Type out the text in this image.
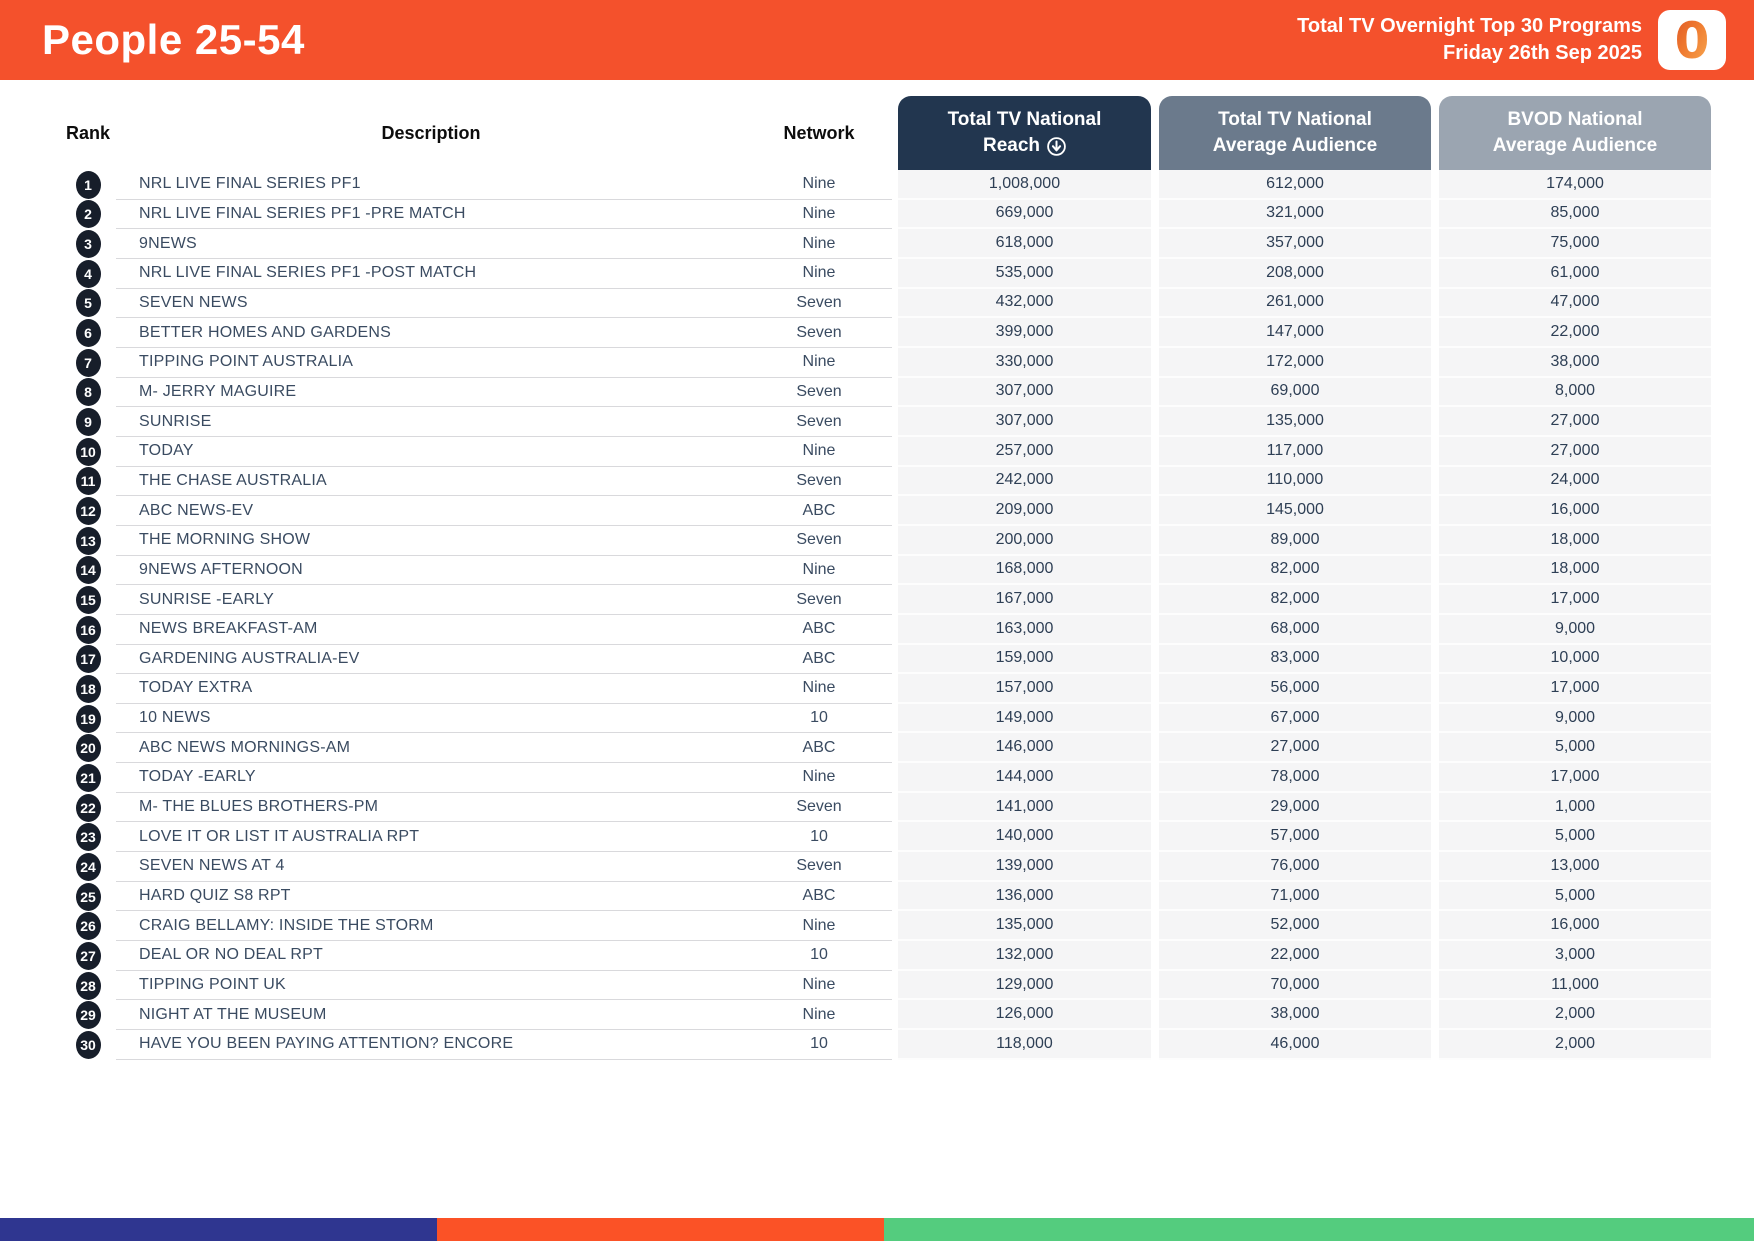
People 25-54	Total TV Overnight Top 30 Programs
Friday 26th Sep 2025 0
Rank	Description	Network
Total TV National
Reach
Total TV National
Average Audience
BVOD National
Average Audience
1	NRL LIVE FINAL SERIES PF1	Nine	1,008,000	612,000	174,000
2	NRL LIVE FINAL SERIES PF1 -PRE MATCH	Nine	669,000	321,000	85,000
3	9NEWS	Nine	618,000	357,000	75,000
4	NRL LIVE FINAL SERIES PF1 -POST MATCH	Nine	535,000	208,000	61,000
5	SEVEN NEWS	Seven	432,000	261,000	47,000
6	BETTER HOMES AND GARDENS	Seven	399,000	147,000	22,000
7	TIPPING POINT AUSTRALIA	Nine	330,000	172,000	38,000
8	M- JERRY MAGUIRE	Seven	307,000	69,000	8,000
9	SUNRISE	Seven	307,000	135,000	27,000
10	TODAY	Nine	257,000	117,000	27,000
11	THE CHASE AUSTRALIA	Seven	242,000	110,000	24,000
12	ABC NEWS-EV	ABC	209,000	145,000	16,000
13	THE MORNING SHOW	Seven	200,000	89,000	18,000
14	9NEWS AFTERNOON	Nine	168,000	82,000	18,000
15	SUNRISE -EARLY	Seven	167,000	82,000	17,000
16	NEWS BREAKFAST-AM	ABC	163,000	68,000	9,000
17	GARDENING AUSTRALIA-EV	ABC	159,000	83,000	10,000
18	TODAY EXTRA	Nine	157,000	56,000	17,000
19	10 NEWS	10	149,000	67,000	9,000
20	ABC NEWS MORNINGS-AM	ABC	146,000	27,000	5,000
21	TODAY -EARLY	Nine	144,000	78,000	17,000
22	M- THE BLUES BROTHERS-PM	Seven	141,000	29,000	1,000
23	LOVE IT OR LIST IT AUSTRALIA RPT	10	140,000	57,000	5,000
24	SEVEN NEWS AT 4	Seven	139,000	76,000	13,000
25	HARD QUIZ S8 RPT	ABC	136,000	71,000	5,000
26	CRAIG BELLAMY: INSIDE THE STORM	Nine	135,000	52,000	16,000
27	DEAL OR NO DEAL RPT	10	132,000	22,000	3,000
28	TIPPING POINT UK	Nine	129,000	70,000	11,000
29	NIGHT AT THE MUSEUM	Nine	126,000	38,000	2,000
30	HAVE YOU BEEN PAYING ATTENTION? ENCORE	10	118,000	46,000	2,000
